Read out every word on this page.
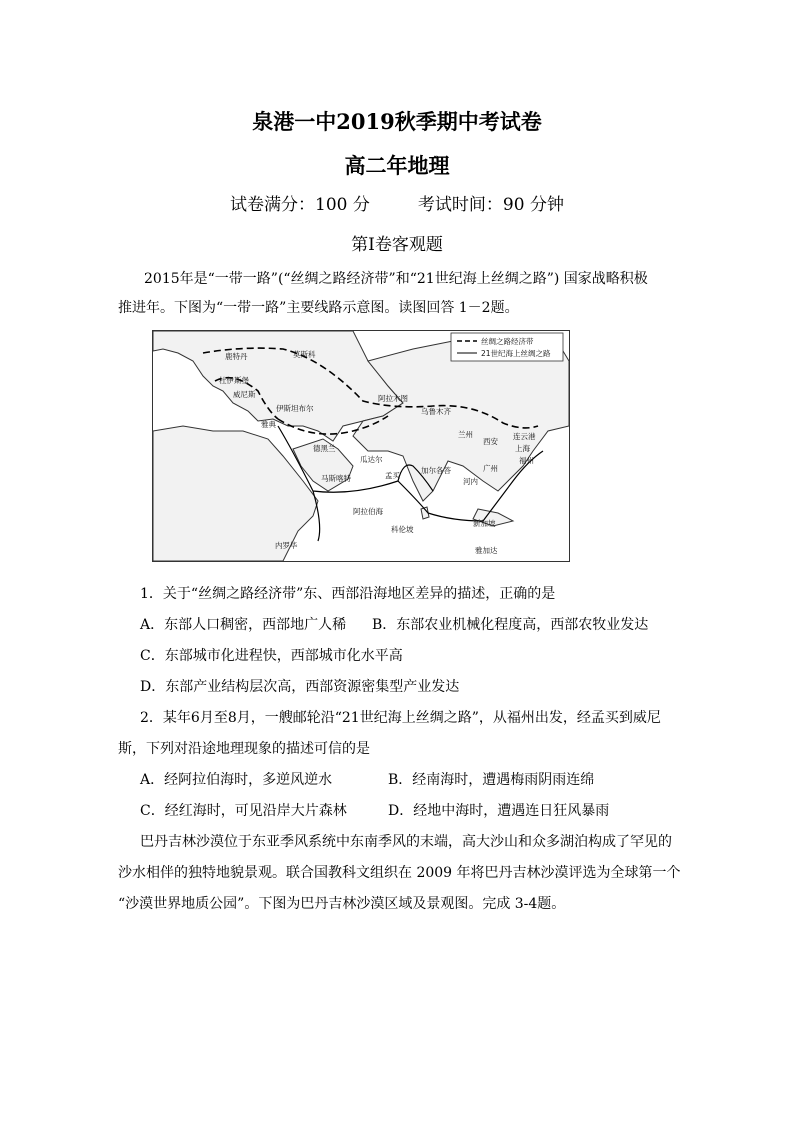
泉港一中2019秋季期中考试卷
高二年地理
试卷满分：100 分	考试时间：90 分钟
第Ⅰ卷客观题
2015年是“一带一路”(“丝绸之路经济带”和“21世纪海上丝绸之路”) 国家战略积极
推进年。下图为“一带一路”主要线路示意图。读图回答 1－2题。
丝绸之路经济带
21世纪海上丝绸之路
鹿特丹	莫斯科
杜伊斯堡
威尼斯
伊斯坦布尔
雅典
阿拉木图
乌鲁木齐
德黑兰
兰州
西安
连云港
上海
福州
瓜达尔
孟买
加尔各答	广州
马斯喀特	河内
阿拉伯海
科伦坡
新加坡
内罗毕
雅加达
1．关于“丝绸之路经济带”东、西部沿海地区差异的描述，正确的是
A．东部人口稠密，西部地广人稀 B．东部农业机械化程度高，西部农牧业发达
C．东部城市化进程快，西部城市化水平高
D．东部产业结构层次高，西部资源密集型产业发达
2．某年6月至8月，一艘邮轮沿“21世纪海上丝绸之路”，从福州出发，经孟买到威尼
斯，下列对沿途地理现象的描述可信的是
A．经阿拉伯海时，多逆风逆水	B．经南海时，遭遇梅雨阴雨连绵
C．经红海时，可见沿岸大片森林	D．经地中海时，遭遇连日狂风暴雨
巴丹吉林沙漠位于东亚季风系统中东南季风的末端，高大沙山和众多湖泊构成了罕见的
沙水相伴的独特地貌景观。联合国教科文组织在 2009 年将巴丹吉林沙漠评选为全球第一个
“沙漠世界地质公园”。下图为巴丹吉林沙漠区域及景观图。完成 3-4题。
